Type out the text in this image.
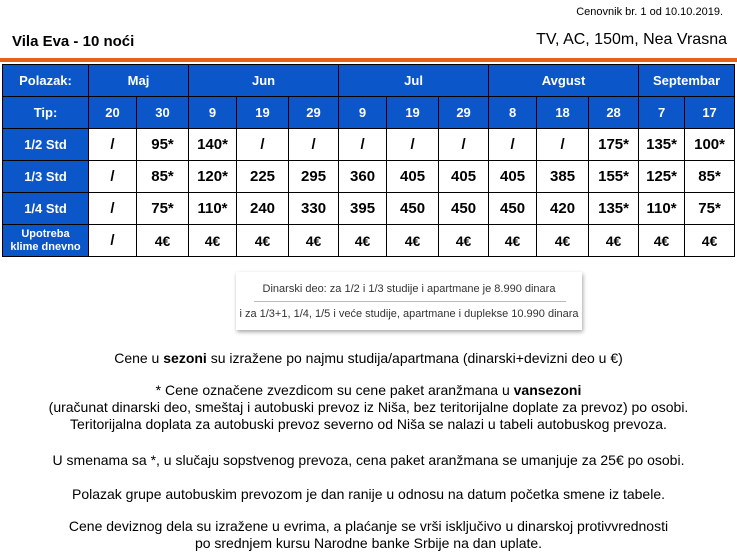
Cenovnik br. 1 od 10.10.2019.
Vila Eva - 10 noći	TV, AC, 150m, Nea Vrasna
Polazak:	Maj		Jun			Jul			Avgust			Septembar	
Tip:	20	30	9	19	29	9	19	29	8	18	28	7	17
1/2 Std	/	95*	140*	/	/	/	/	/	/	/	175*	135*	100*
1/3 Std	/	85*	120*	225	295	360	405	405	405	385	155*	125*	85*
1/4 Std	/	75*	110*	240	330	395	450	450	450	420	135*	110*	75*
Upotreba
klime dnevno	/	4€	4€	4€	4€	4€	4€	4€	4€	4€	4€	4€	4€
Dinarski deo: za 1/2 i 1/3 studije i apartmane je 8.990 dinara
i za 1/3+1, 1/4, 1/5 i veće studije, apartmane i duplekse 10.990 dinara
Cene u sezoni su izražene po najmu studija/apartmana (dinarski+devizni deo u €)
* Cene označene zvezdicom su cene paket aranžmana u vansezoni
(uračunat dinarski deo, smeštaj i autobuski prevoz iz Niša, bez teritorijalne doplate za prevoz) po osobi.
Teritorijalna doplata za autobuski prevoz severno od Niša se nalazi u tabeli autobuskog prevoza.
U smenama sa *, u slučaju sopstvenog prevoza, cena paket aranžmana se umanjuje za 25€ po osobi.
Polazak grupe autobuskim prevozom je dan ranije u odnosu na datum početka smene iz tabele.
Cene deviznog dela su izražene u evrima, a plaćanje se vrši isključivo u dinarskoj protivvrednosti
po srednjem kursu Narodne banke Srbije na dan uplate.
